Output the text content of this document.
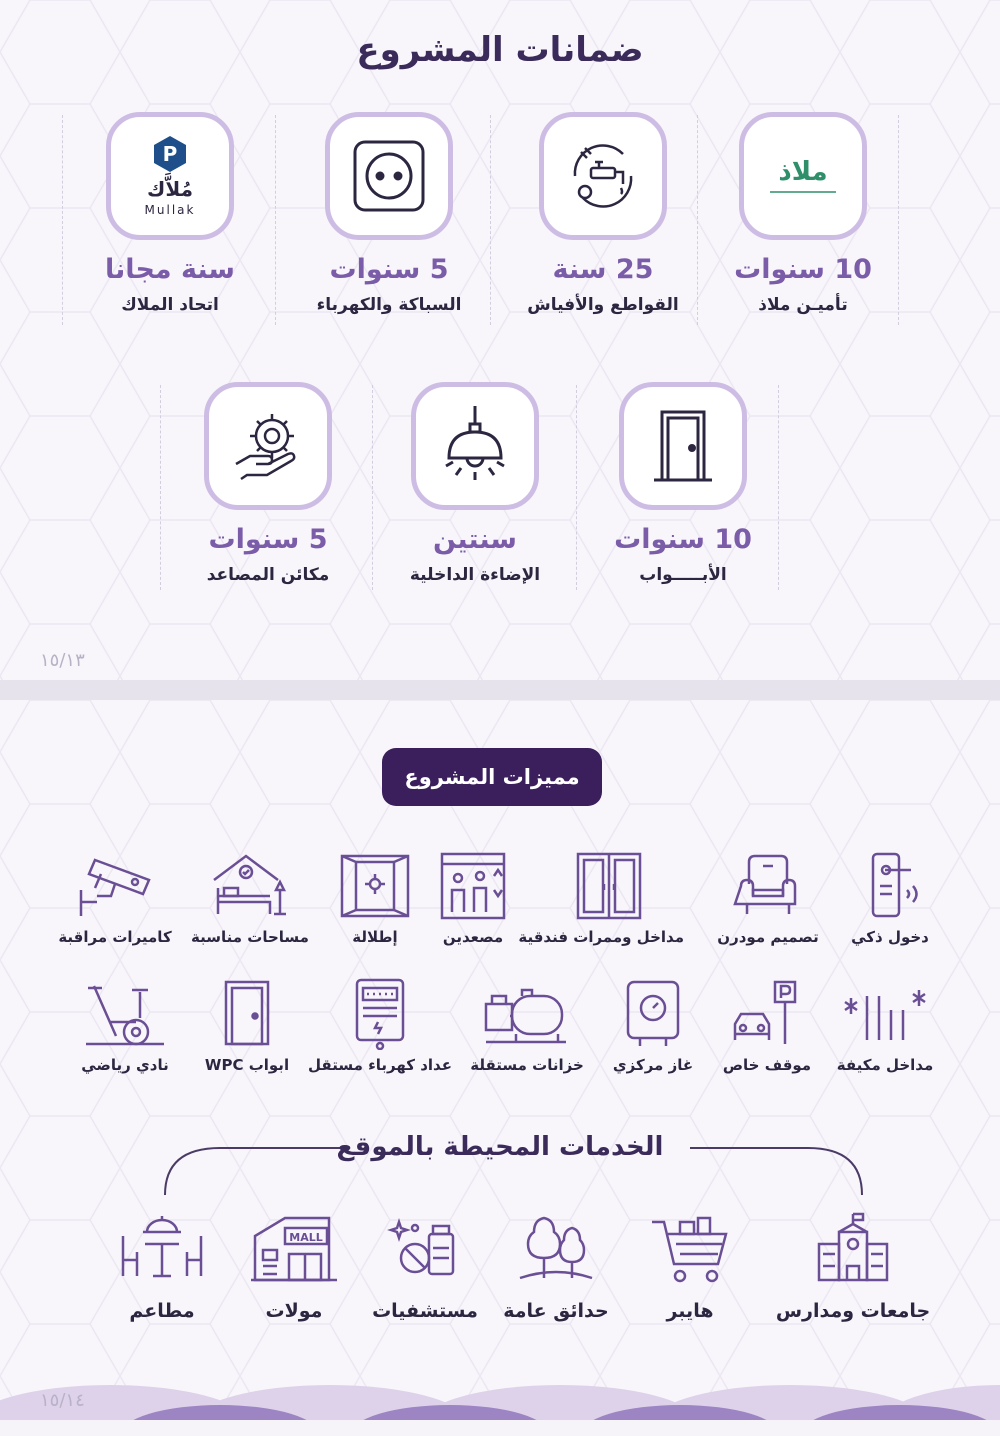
ضمانات المشروع
ملاذ
10 سنوات
تأميـن ملاذ
25 سنة
القواطع والأفياش
5 سنوات
السباكة والكهرباء
P
مُلاَّك
Mullak
سنة مجانا
اتحاد الملاك
10 سنوات
الأبـــــواب
سنتين
الإضاءة الداخلية
5 سنوات
مكائن المصاعد
١٥/١٣
مميزات المشروع
دخول ذكي
تصميم مودرن
مداخل وممرات فندقية
مصعدين
إطلالة
مساحات مناسبة
كاميرات مراقبة
مداخل مكيفة
موقف خاص
غاز مركزي
خزانات مستقلة
عداد كهرباء مستقل
ابواب WPC
نادي رياضي
الخدمات المحيطة بالموقع
جامعات ومدارس
هايبر
حدائق عامة
مستشفيات
MALL
مولات
مطاعم
١٥/١٤
